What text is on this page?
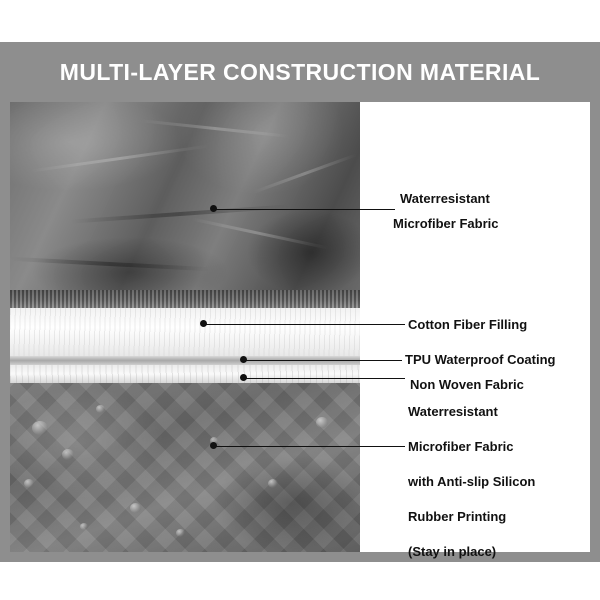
MULTI-LAYER CONSTRUCTION MATERIAL
Waterresistant
Microfiber Fabric
Cotton Fiber Filling
TPU Waterproof Coating
Non Woven Fabric
Waterresistant
Microfiber Fabric
with Anti-slip Silicon
Rubber Printing
(Stay in place)
